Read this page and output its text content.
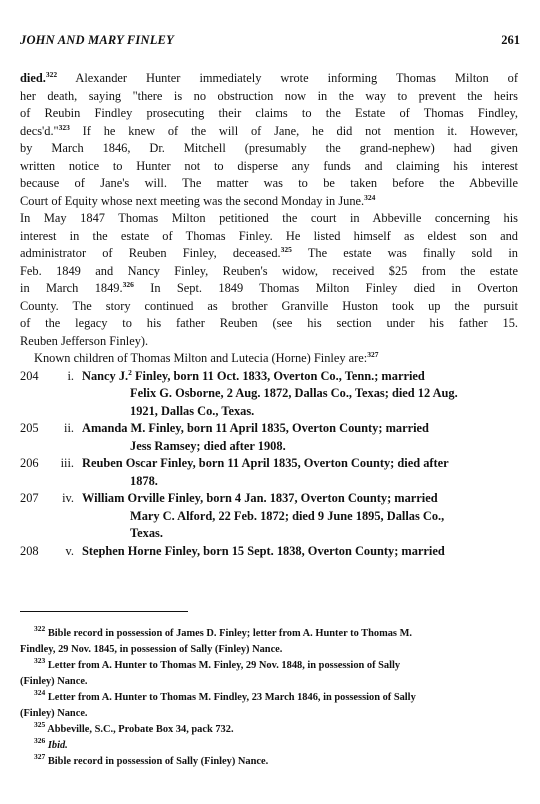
JOHN AND MARY FINLEY	261
died.$^{322}$ Alexander Hunter immediately wrote informing Thomas Milton of
her death, saying "there is no obstruction now in the way to prevent the heirs
of Reubin Findley prosecuting their claims to the Estate of Thomas Findley,
decs'd."$^{323}$ If he knew of the will of Jane, he did not mention it. However,
by March 1846, Dr. Mitchell (presumably the grand-nephew) had given
written notice to Hunter not to disperse any funds and claiming his interest
because of Jane's will. The matter was to be taken before the Abbeville
Court of Equity whose next meeting was the second Monday in June.$^{324}$
In May 1847 Thomas Milton petitioned the court in Abbeville concerning his
interest in the estate of Thomas Finley. He listed himself as eldest son and
administrator of Reuben Finley, deceased.$^{325}$ The estate was finally sold in
Feb. 1849 and Nancy Finley, Reuben's widow, received $25 from the estate
in March 1849.$^{326}$ In Sept. 1849 Thomas Milton Finley died in Overton
County. The story continued as brother Granville Huston took up the pursuit
of the legacy to his father Reuben (see his section under his father 15.
Reuben Jefferson Finley).
Known children of Thomas Milton and Lutecia (Horne) Finley are:$^{327}$
204	i. Nancy J.$^2$ Finley, born 11 Oct. 1833, Overton Co., Tenn.; married
Felix G. Osborne, 2 Aug. 1872, Dallas Co., Texas; died 12 Aug.
1921, Dallas Co., Texas.
205	ii. Amanda M. Finley, born 11 April 1835, Overton County; married
Jess Ramsey; died after 1908.
206	iii. Reuben Oscar Finley, born 11 April 1835, Overton County; died after
1878.
207	iv. William Orville Finley, born 4 Jan. 1837, Overton County; married
Mary C. Alford, 22 Feb. 1872; died 9 June 1895, Dallas Co.,
Texas.
208	v. Stephen Horne Finley, born 15 Sept. 1838, Overton County; married
$^{322}$ Bible record in possession of James D. Finley; letter from A. Hunter to Thomas M.
Findley, 29 Nov. 1845, in possession of Sally (Finley) Nance.
$^{323}$ Letter from A. Hunter to Thomas M. Finley, 29 Nov. 1848, in possession of Sally
(Finley) Nance.
$^{324}$ Letter from A. Hunter to Thomas M. Findley, 23 March 1846, in possession of Sally
(Finley) Nance.
$^{325}$ Abbeville, S.C., Probate Box 34, pack 732.
$^{326}$ Ibid.
$^{327}$ Bible record in possession of Sally (Finley) Nance.
